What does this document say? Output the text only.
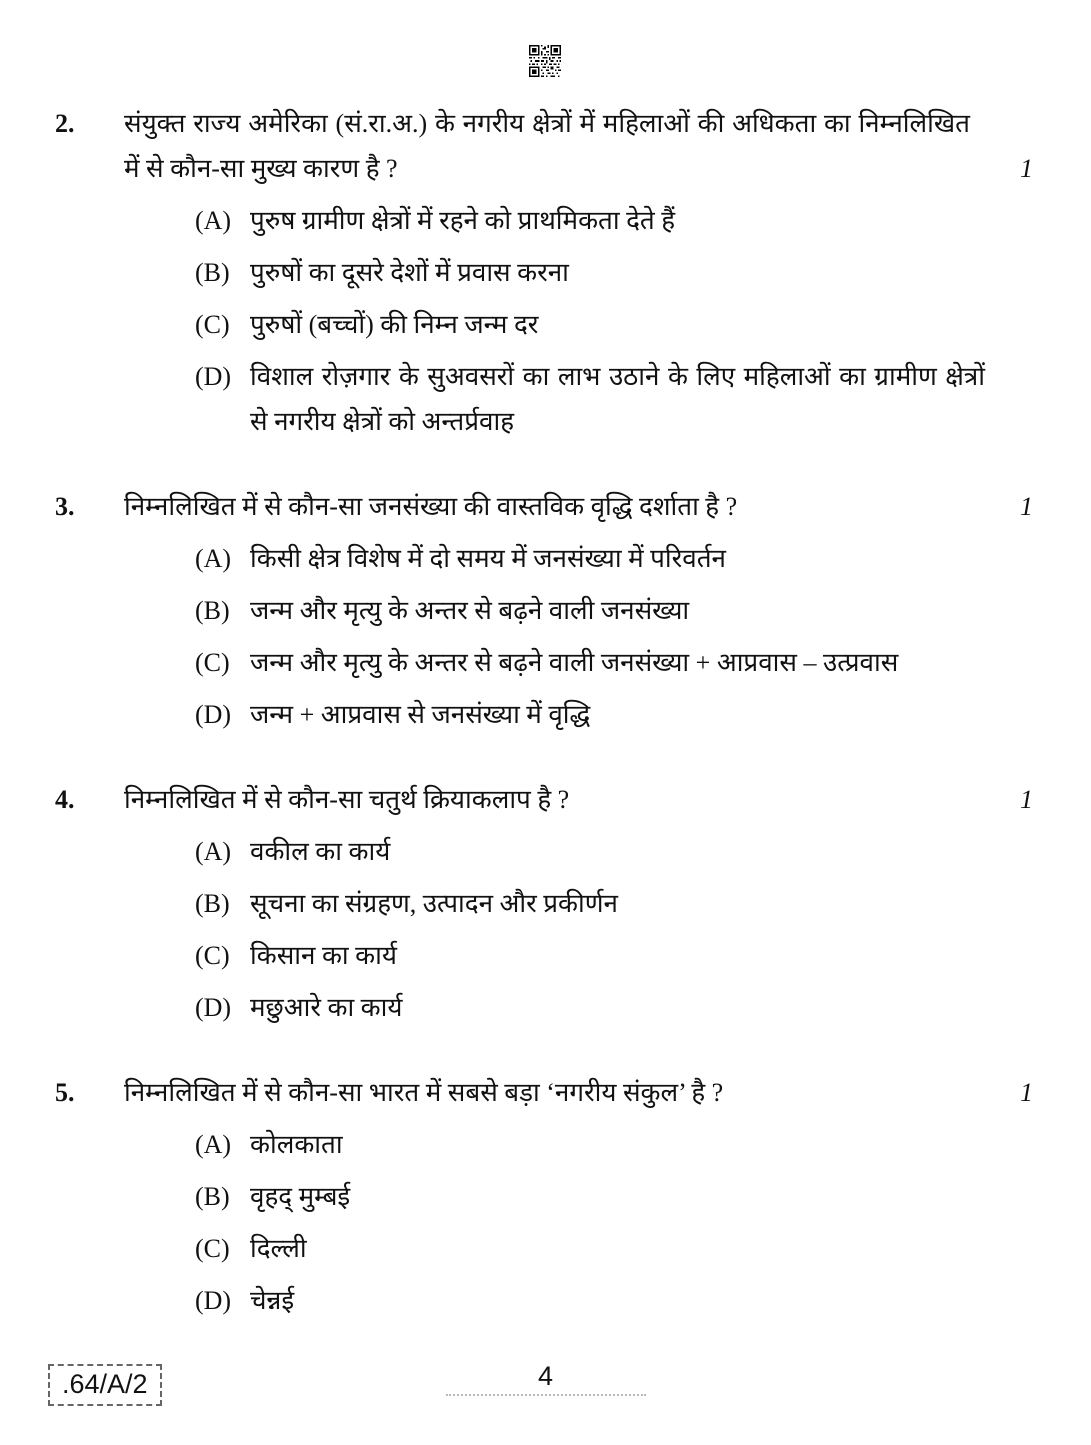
2.	संयुक्त राज्य अमेरिका (सं.रा.अ.) के नगरीय क्षेत्रों में महिलाओं की अधिकता का निम्नलिखित में से कौन-सा मुख्य कारण है ?	1
(A) पुरुष ग्रामीण क्षेत्रों में रहने को प्राथमिकता देते हैं

(B) पुरुषों का दूसरे देशों में प्रवास करना

(C) पुरुषों (बच्चों) की निम्न जन्म दर

(D) विशाल रोज़गार के सुअवसरों का लाभ उठाने के लिए महिलाओं का ग्रामीण क्षेत्रों से नगरीय क्षेत्रों को अन्तर्प्रवाह

3.	निम्नलिखित में से कौन-सा जनसंख्या की वास्तविक वृद्धि दर्शाता है ?	1
(A) किसी क्षेत्र विशेष में दो समय में जनसंख्या में परिवर्तन

(B) जन्म और मृत्यु के अन्तर से बढ़ने वाली जनसंख्या

(C) जन्म और मृत्यु के अन्तर से बढ़ने वाली जनसंख्या + आप्रवास – उत्प्रवास

(D) जन्म + आप्रवास से जनसंख्या में वृद्धि

4.	निम्नलिखित में से कौन-सा चतुर्थ क्रियाकलाप है ?	1
(A) वकील का कार्य

(B) सूचना का संग्रहण, उत्पादन और प्रकीर्णन

(C) किसान का कार्य

(D) मछुआरे का कार्य

5.	निम्नलिखित में से कौन-सा भारत में सबसे बड़ा ‘नगरीय संकुल’ है ?	1
(A) कोलकाता

(B) वृहद् मुम्बई

(C) दिल्ली

(D) चेन्नई

.64/A/2	4
